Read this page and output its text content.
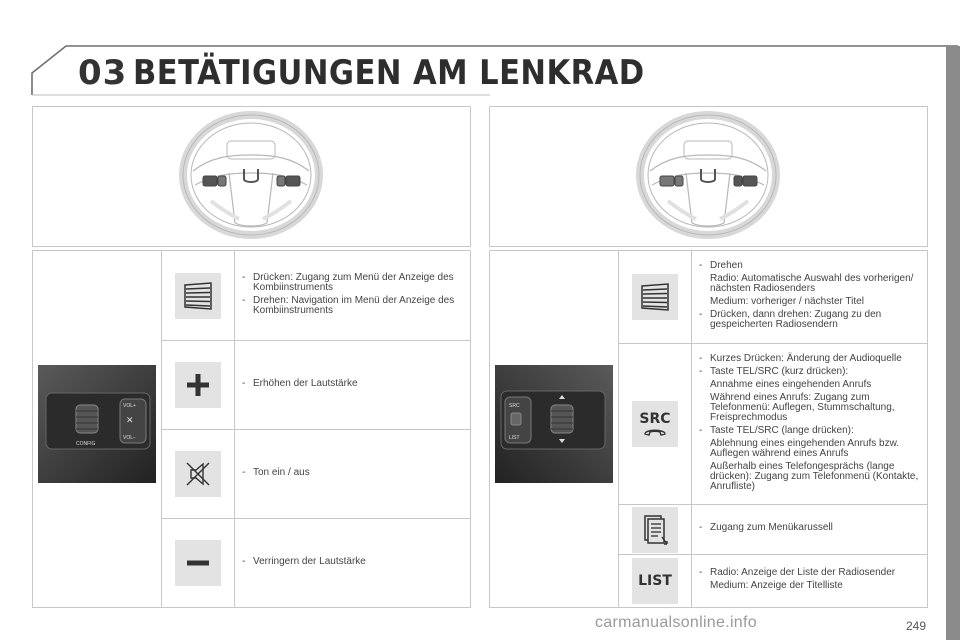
03 BETÄTIGUNGEN AM LENKRAD
VOL+
✕
VOL−
CONFIG
- Drücken: Zugang zum Menü der Anzeige des Kombiinstruments
- Drehen: Navigation im Menü der Anzeige des Kombiinstruments
- Erhöhen der Lautstärke
- Ton ein / aus
- Verringern der Lautstärke
SRC
LIST
- Drehen
Radio: Automatische Auswahl des vorherigen/ nächsten Radiosenders
Medium: vorheriger / nächster Titel
- Drücken, dann drehen: Zugang zu den gespeicherten Radiosendern
SRC
- Kurzes Drücken: Änderung der Audioquelle
- Taste TEL/SRC (kurz drücken):
Annahme eines eingehenden Anrufs
Während eines Anrufs: Zugang zum Telefonmenü: Auflegen, Stummschaltung, Freisprechmodus
- Taste TEL/SRC (lange drücken):
Ablehnung eines eingehenden Anrufs bzw. Auflegen während eines Anrufs
Außerhalb eines Telefongesprächs (lange drücken): Zugang zum Telefonmenü (Kontakte, Anrufliste)
- Zugang zum Menükarussell
LIST
- Radio: Anzeige der Liste der Radiosender
Medium: Anzeige der Titelliste
carmanualsonline.info	249
